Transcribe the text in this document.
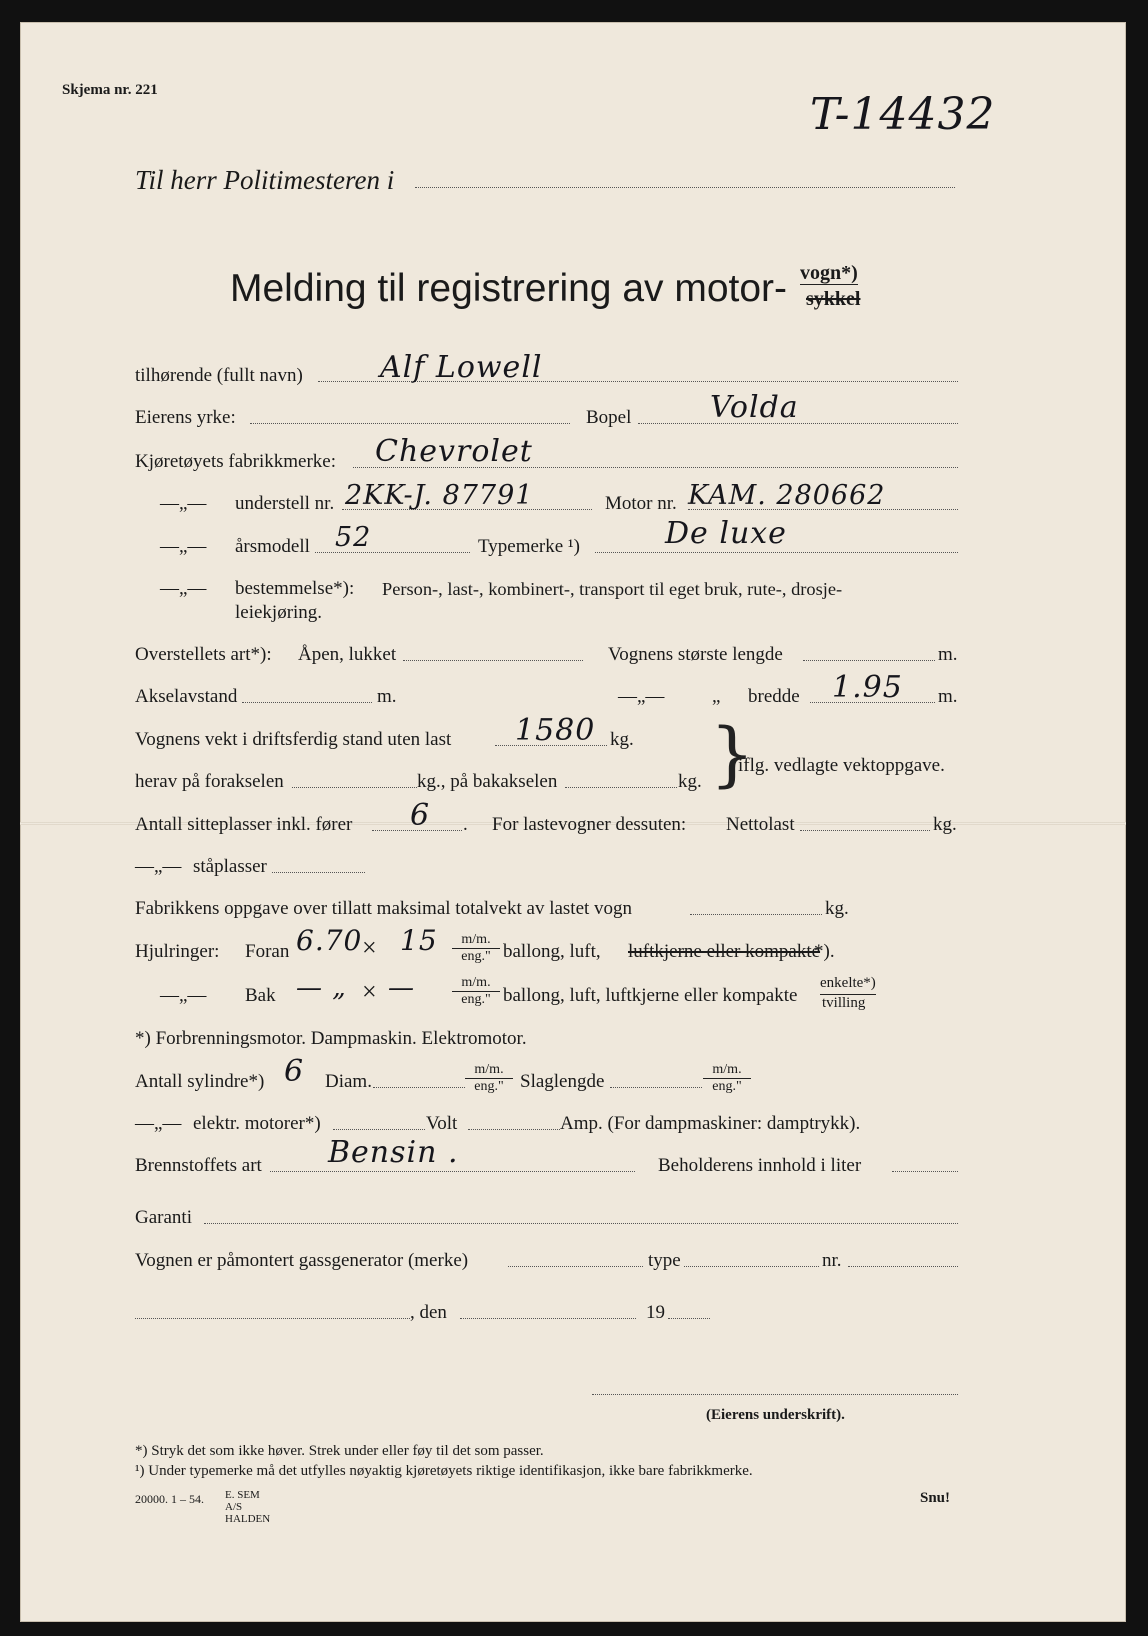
Skjema nr. 221	T-14432
Til herr Politimesteren i
Melding til registrering av motor- vogn*)
sykkel
tilhørende (fullt navn)	Alf Lowell
Eierens yrke:	Bopel	Volda
Kjøretøyets fabrikkmerke: Chevrolet
—„— understell nr. 2KK-J. 87791	Motor nr. KAM. 280662
—„— årsmodell 52	Typemerke ¹)	De luxe
—„— bestemmelse*): Person-, last-, kombinert-, transport til eget bruk, rute-, drosje-
leiekjøring.
Overstellets art*): Åpen, lukket	Vognens største lengde	m.
Akselavstand	m.	—„—	„ bredde 1.95 m.
Vognens vekt i driftsferdig stand uten last 1580 kg.
herav på forakselen	kg., på bakakselen	kg. }
iflg. vedlagte vektoppgave.
Antall sitteplasser inkl. fører 6 . For lastevogner dessuten: Nettolast	kg.
—„— ståplasser
Fabrikkens oppgave over tillatt maksimal totalvekt av lastet vogn	kg.
Hjulringer: Foran 6.70 × 15	m/m.
eng." ballong, luft, luftkjerne eller kompakte
*).
—„— Bak — „ × —	m/m.
eng." ballong, luft, luftkjerne eller kompakte
enkelte*)
tvilling
*) Forbrenningsmotor. Dampmaskin. Elektromotor.
Antall sylindre*) 6 Diam.
m/m.
eng." Slaglengde
m/m.
eng."
—„— elektr. motorer*)	Volt	Amp. (For dampmaskiner: damptrykk).
Brennstoffets art Bensin .	Beholderens innhold i liter
Garanti
Vognen er påmontert gassgenerator (merke)	type	nr.
, den	19
(Eierens underskrift).
*) Stryk det som ikke høver. Strek under eller føy til det som passer.
¹) Under typemerke må det utfylles nøyaktig kjøretøyets riktige identifikasjon, ikke bare fabrikkmerke.
20000. 1 – 54. E. SEM A/S HALDEN
Snu!
